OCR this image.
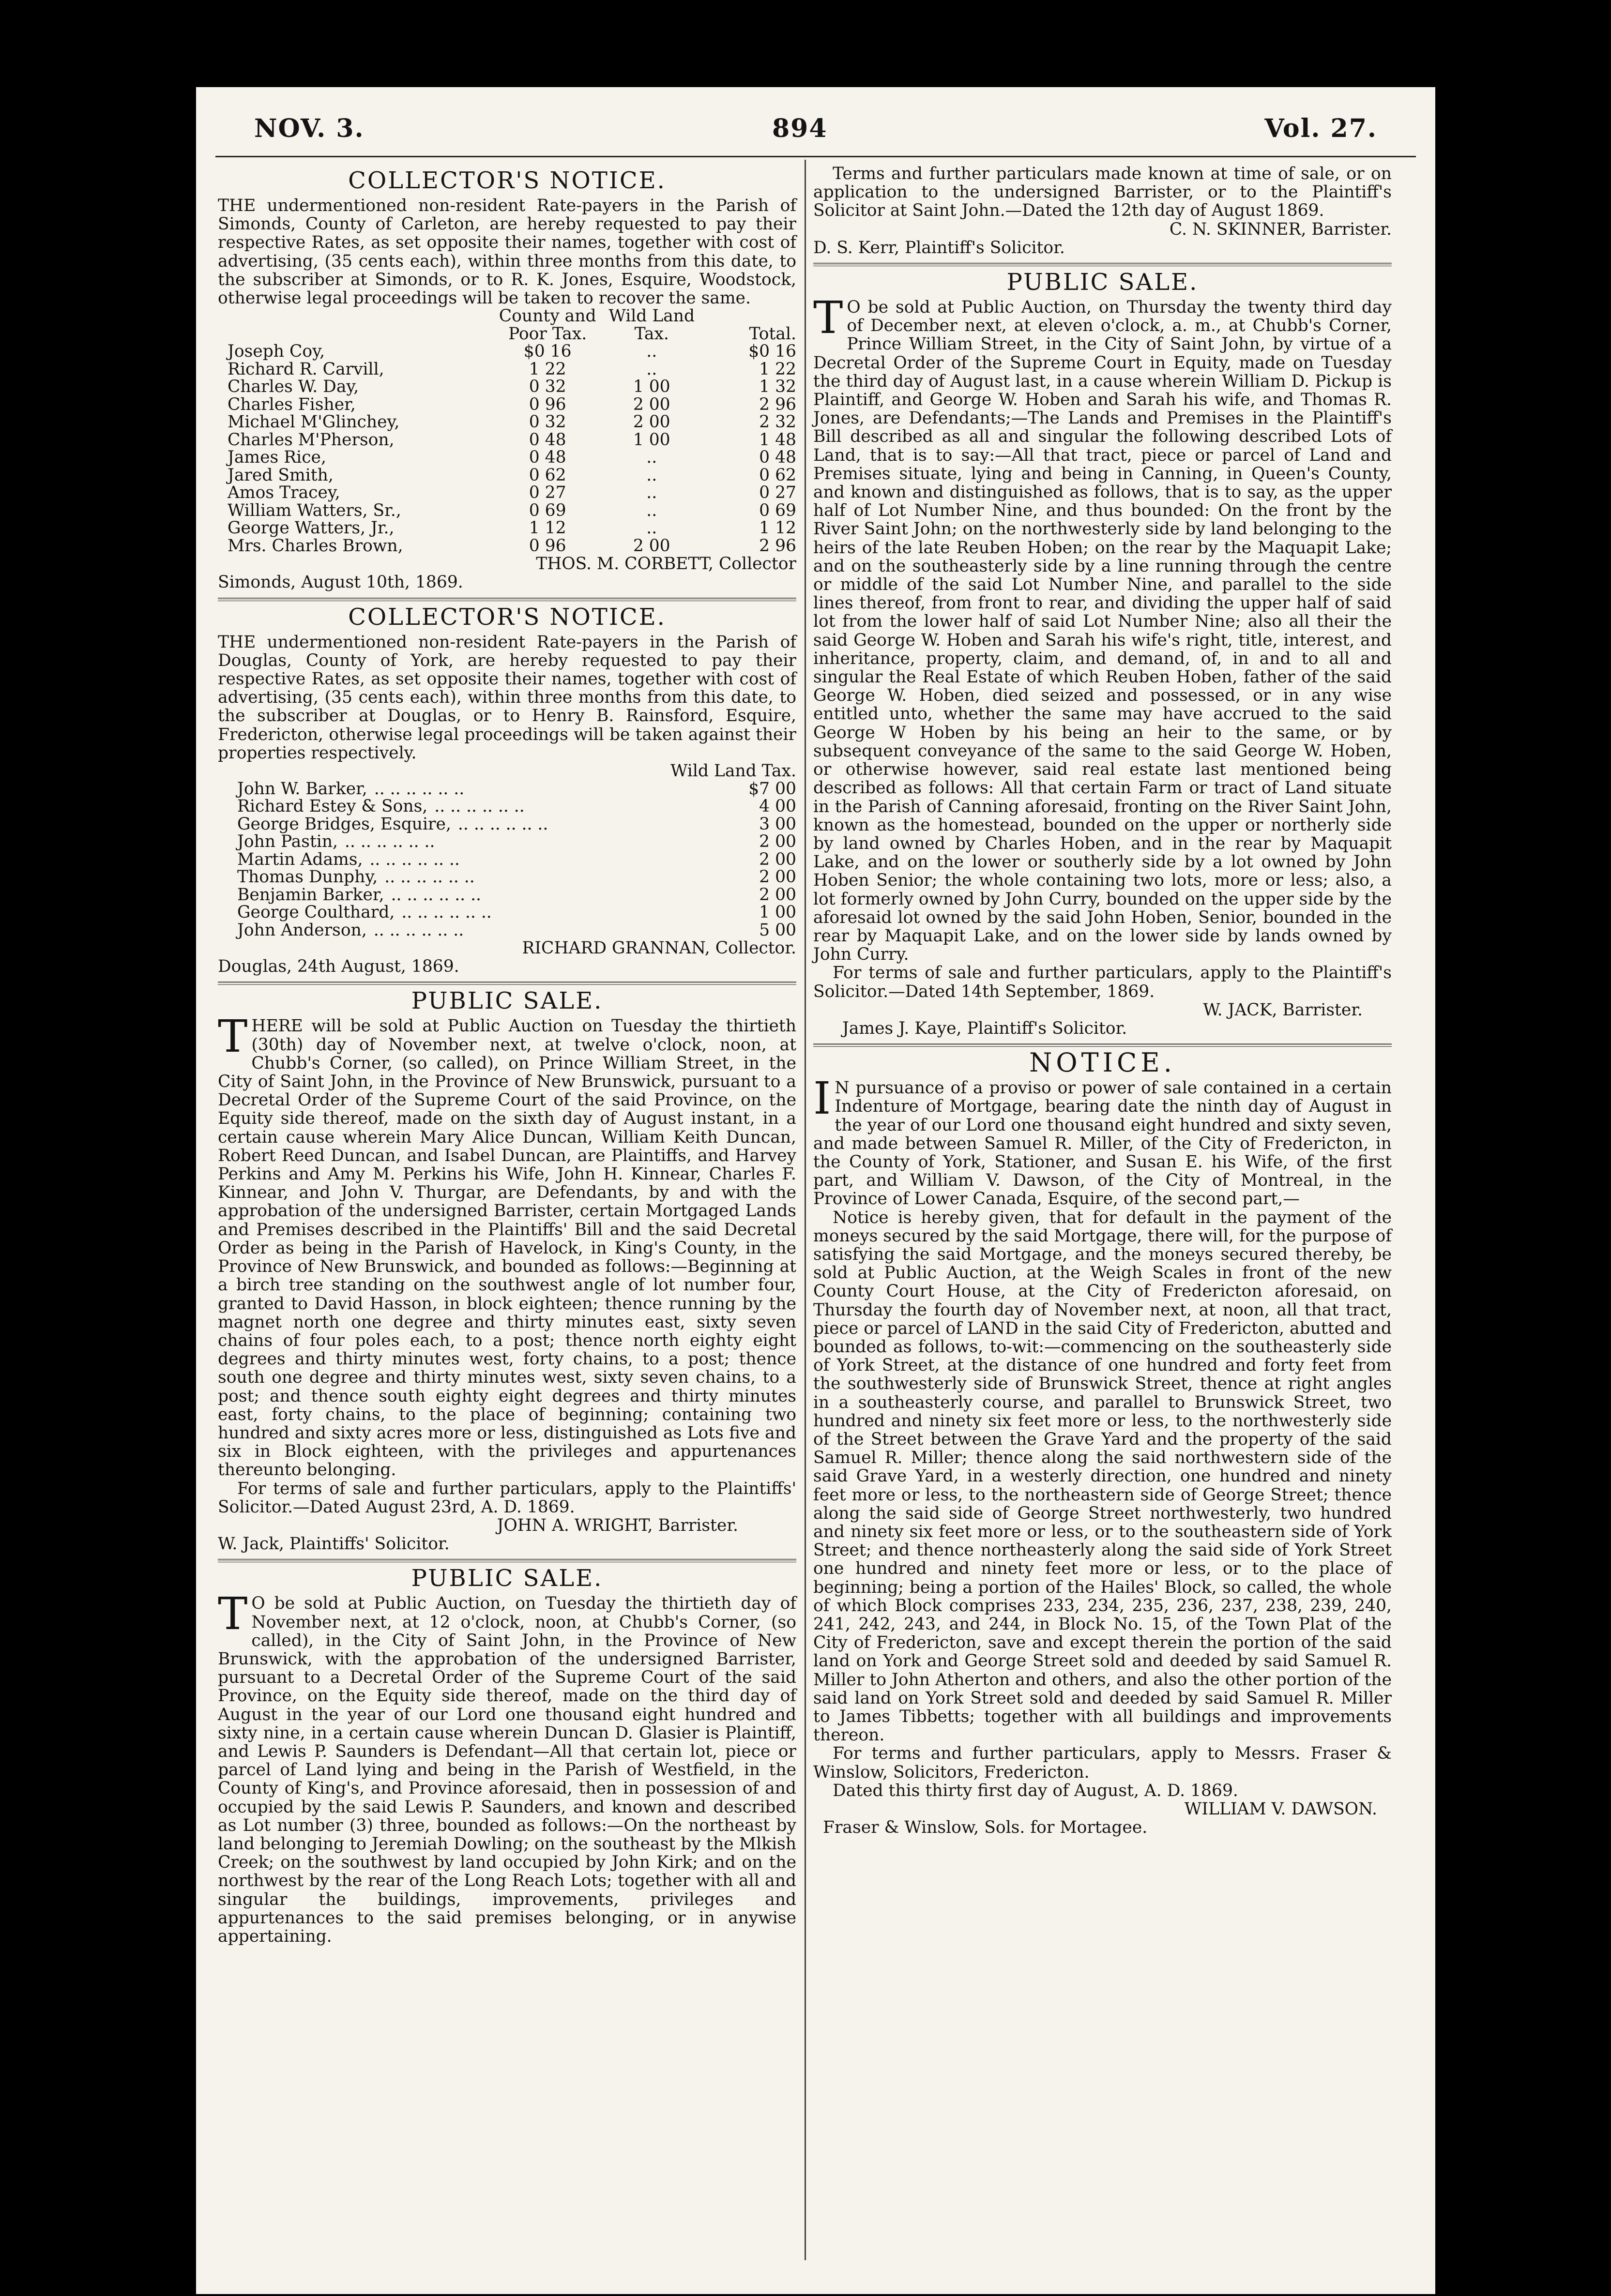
NOV. 3.	894	Vol. 27.
COLLECTOR'S NOTICE.

THE undermentioned non-resident Rate-payers in the Parish of Simonds, County of Carleton, are hereby requested to pay their respective Rates, as set opposite their names, together with cost of advertising, (35 cents each), within three months from this date, to the subscriber at Simonds, or to R. K. Jones, Esquire, Woodstock, otherwise legal proceedings will be taken to recover the same.

	County and	Wild Land	
	Poor Tax.	Tax.	Total.
Joseph Coy,	$0 16	..	$0 16
Richard R. Carvill,	1 22	..	1 22
Charles W. Day,	0 32	1 00	1 32
Charles Fisher,	0 96	2 00	2 96
Michael M'Glinchey,	0 32	2 00	2 32
Charles M'Pherson,	0 48	1 00	1 48
James Rice,	0 48	..	0 48
Jared Smith,	0 62	..	0 62
Amos Tracey,	0 27	..	0 27
William Watters, Sr.,	0 69	..	0 69
George Watters, Jr.,	1 12	..	1 12
Mrs. Charles Brown,	0 96	2 00	2 96

THOS. M. CORBETT, Collector

Simonds, August 10th, 1869.

COLLECTOR'S NOTICE.

THE undermentioned non-resident Rate-payers in the Parish of Douglas, County of York, are hereby requested to pay their respective Rates, as set opposite their names, together with cost of advertising, (35 cents each), within three months from this date, to the subscriber at Douglas, or to Henry B. Rainsford, Esquire, Fredericton, otherwise legal proceedings will be taken against their properties respectively.

	Wild Land Tax.
John W. Barker, .. .. .. .. .. ..	$7 00
Richard Estey & Sons, .. .. .. .. .. ..	4 00
George Bridges, Esquire, .. .. .. .. .. ..	3 00
John Pastin, .. .. .. .. .. ..	2 00
Martin Adams, .. .. .. .. .. ..	2 00
Thomas Dunphy, .. .. .. .. .. ..	2 00
Benjamin Barker, .. .. .. .. .. ..	2 00
George Coulthard, .. .. .. .. .. ..	1 00
John Anderson, .. .. .. .. .. ..	5 00

RICHARD GRANNAN, Collector.

Douglas, 24th August, 1869.

PUBLIC SALE.

THERE will be sold at Public Auction on Tuesday the thirtieth (30th) day of November next, at twelve o'clock, noon, at Chubb's Corner, (so called), on Prince William Street, in the City of Saint John, in the Province of New Brunswick, pursuant to a Decretal Order of the Supreme Court of the said Province, on the Equity side thereof, made on the sixth day of August instant, in a certain cause wherein Mary Alice Duncan, William Keith Duncan, Robert Reed Duncan, and Isabel Duncan, are Plaintiffs, and Harvey Perkins and Amy M. Perkins his Wife, John H. Kinnear, Charles F. Kinnear, and John V. Thurgar, are Defendants, by and with the approbation of the undersigned Barrister, certain Mortgaged Lands and Premises described in the Plaintiffs' Bill and the said Decretal Order as being in the Parish of Havelock, in King's County, in the Province of New Brunswick, and bounded as follows:—Beginning at a birch tree standing on the southwest angle of lot number four, granted to David Hasson, in block eighteen; thence running by the magnet north one degree and thirty minutes east, sixty seven chains of four poles each, to a post; thence north eighty eight degrees and thirty minutes west, forty chains, to a post; thence south one degree and thirty minutes west, sixty seven chains, to a post; and thence south eighty eight degrees and thirty minutes east, forty chains, to the place of beginning; containing two hundred and sixty acres more or less, distinguished as Lots five and six in Block eighteen, with the privileges and appurtenances thereunto belonging.

For terms of sale and further particulars, apply to the Plaintiffs' Solicitor.—Dated August 23rd, A. D. 1869.

JOHN A. WRIGHT, Barrister.

W. Jack, Plaintiffs' Solicitor.

PUBLIC SALE.

TO be sold at Public Auction, on Tuesday the thirtieth day of November next, at 12 o'clock, noon, at Chubb's Corner, (so called), in the City of Saint John, in the Province of New Brunswick, with the approbation of the undersigned Barrister, pursuant to a Decretal Order of the Supreme Court of the said Province, on the Equity side thereof, made on the third day of August in the year of our Lord one thousand eight hundred and sixty nine, in a certain cause wherein Duncan D. Glasier is Plaintiff, and Lewis P. Saunders is Defendant—All that certain lot, piece or parcel of Land lying and being in the Parish of Westfield, in the County of King's, and Province aforesaid, then in possession of and occupied by the said Lewis P. Saunders, and known and described as Lot number (3) three, bounded as follows:—On the northeast by land belonging to Jeremiah Dowling; on the southeast by the Mlkish Creek; on the southwest by land occupied by John Kirk; and on the northwest by the rear of the Long Reach Lots; together with all and singular the buildings, improvements, privileges and appurtenances to the said premises belonging, or in anywise appertaining.

Terms and further particulars made known at time of sale, or on application to the undersigned Barrister, or to the Plaintiff's Solicitor at Saint John.—Dated the 12th day of August 1869.

C. N. SKINNER, Barrister.

D. S. Kerr, Plaintiff's Solicitor.

PUBLIC SALE.

TO be sold at Public Auction, on Thursday the twenty third day of December next, at eleven o'clock, a. m., at Chubb's Corner, Prince William Street, in the City of Saint John, by virtue of a Decretal Order of the Supreme Court in Equity, made on Tuesday the third day of August last, in a cause wherein William D. Pickup is Plaintiff, and George W. Hoben and Sarah his wife, and Thomas R. Jones, are Defendants;—The Lands and Premises in the Plaintiff's Bill described as all and singular the following described Lots of Land, that is to say:—All that tract, piece or parcel of Land and Premises situate, lying and being in Canning, in Queen's County, and known and distinguished as follows, that is to say, as the upper half of Lot Number Nine, and thus bounded: On the front by the River Saint John; on the northwesterly side by land belonging to the heirs of the late Reuben Hoben; on the rear by the Maquapit Lake; and on the southeasterly side by a line running through the centre or middle of the said Lot Number Nine, and parallel to the side lines thereof, from front to rear, and dividing the upper half of said lot from the lower half of said Lot Number Nine; also all their the said George W. Hoben and Sarah his wife's right, title, interest, and inheritance, property, claim, and demand, of, in and to all and singular the Real Estate of which Reuben Hoben, father of the said George W. Hoben, died seized and possessed, or in any wise entitled unto, whether the same may have accrued to the said George W Hoben by his being an heir to the same, or by subsequent conveyance of the same to the said George W. Hoben, or otherwise however, said real estate last mentioned being described as follows: All that certain Farm or tract of Land situate in the Parish of Canning aforesaid, fronting on the River Saint John, known as the homestead, bounded on the upper or northerly side by land owned by Charles Hoben, and in the rear by Maquapit Lake, and on the lower or southerly side by a lot owned by John Hoben Senior; the whole containing two lots, more or less; also, a lot formerly owned by John Curry, bounded on the upper side by the aforesaid lot owned by the said John Hoben, Senior, bounded in the rear by Maquapit Lake, and on the lower side by lands owned by John Curry.

For terms of sale and further particulars, apply to the Plaintiff's Solicitor.—Dated 14th September, 1869.

W. JACK, Barrister.

James J. Kaye, Plaintiff's Solicitor.

NOTICE.

IN pursuance of a proviso or power of sale contained in a certain Indenture of Mortgage, bearing date the ninth day of August in the year of our Lord one thousand eight hundred and sixty seven, and made between Samuel R. Miller, of the City of Fredericton, in the County of York, Stationer, and Susan E. his Wife, of the first part, and William V. Dawson, of the City of Montreal, in the Province of Lower Canada, Esquire, of the second part,—

Notice is hereby given, that for default in the payment of the moneys secured by the said Mortgage, there will, for the purpose of satisfying the said Mortgage, and the moneys secured thereby, be sold at Public Auction, at the Weigh Scales in front of the new County Court House, at the City of Fredericton aforesaid, on Thursday the fourth day of November next, at noon, all that tract, piece or parcel of LAND in the said City of Fredericton, abutted and bounded as follows, to-wit:—commencing on the southeasterly side of York Street, at the distance of one hundred and forty feet from the southwesterly side of Brunswick Street, thence at right angles in a southeasterly course, and parallel to Brunswick Street, two hundred and ninety six feet more or less, to the northwesterly side of the Street between the Grave Yard and the property of the said Samuel R. Miller; thence along the said northwestern side of the said Grave Yard, in a westerly direction, one hundred and ninety feet more or less, to the northeastern side of George Street; thence along the said side of George Street northwesterly, two hundred and ninety six feet more or less, or to the southeastern side of York Street; and thence northeasterly along the said side of York Street one hundred and ninety feet more or less, or to the place of beginning; being a portion of the Hailes' Block, so called, the whole of which Block comprises 233, 234, 235, 236, 237, 238, 239, 240, 241, 242, 243, and 244, in Block No. 15, of the Town Plat of the City of Fredericton, save and except therein the portion of the said land on York and George Street sold and deeded by said Samuel R. Miller to John Atherton and others, and also the other portion of the said land on York Street sold and deeded by said Samuel R. Miller to James Tibbetts; together with all buildings and improvements thereon.

For terms and further particulars, apply to Messrs. Fraser & Winslow, Solicitors, Fredericton.

Dated this thirty first day of August, A. D. 1869.

WILLIAM V. DAWSON.

Fraser & Winslow, Sols. for Mortagee.
